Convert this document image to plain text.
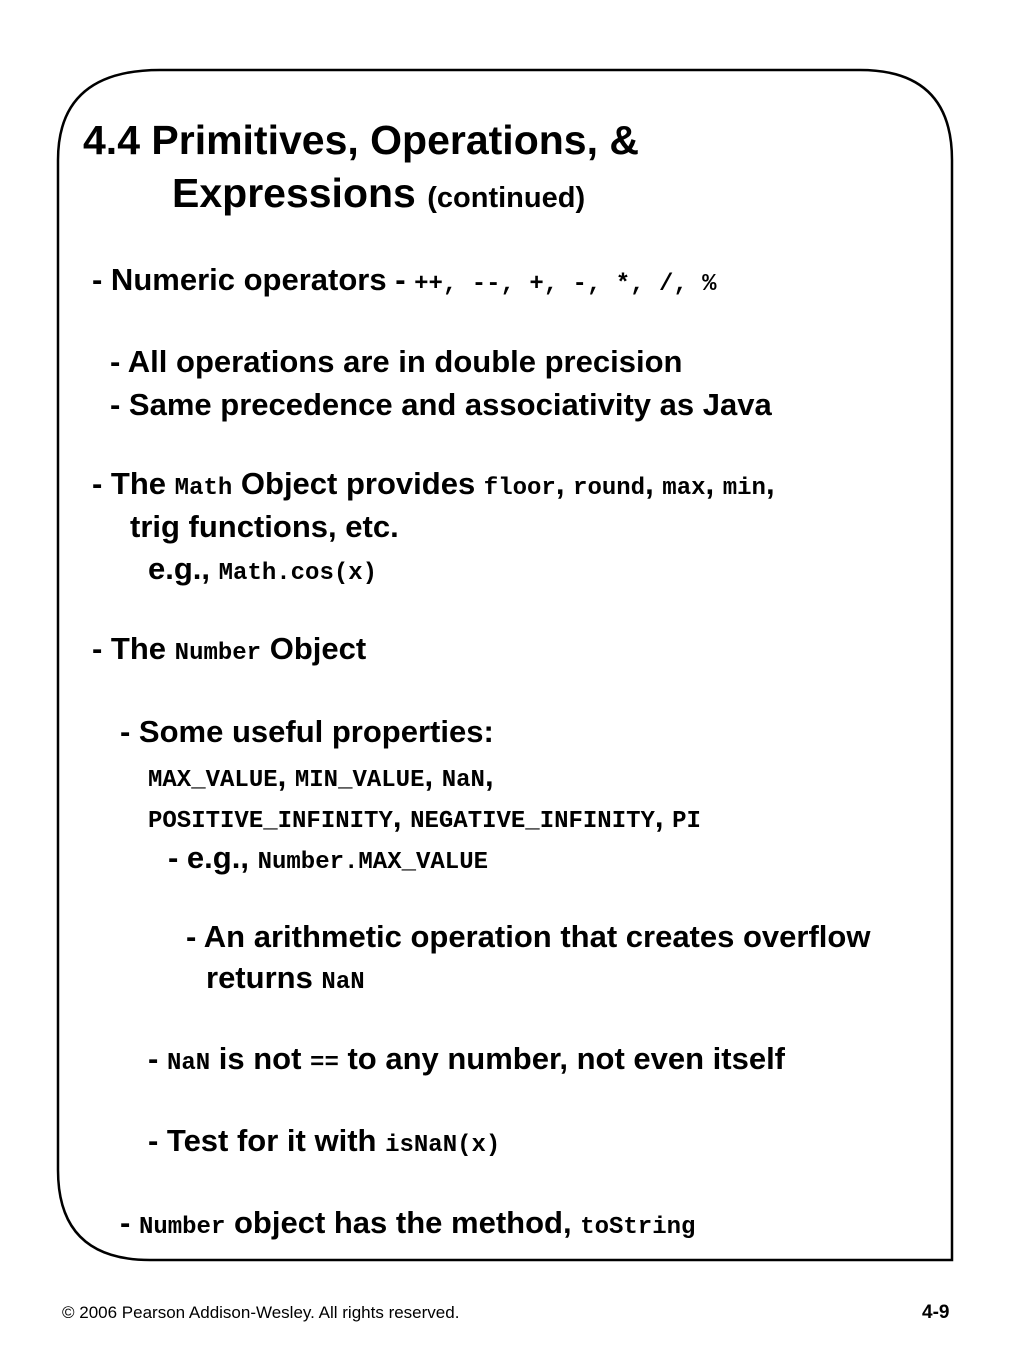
4.4 Primitives, Operations, &
Expressions (continued)
- Numeric operators - ++, --, +, -, *, /, %
- All operations are in double precision
- Same precedence and associativity as Java
- The Math Object provides floor, round, max, min,
trig functions, etc.
e.g., Math.cos(x)
- The Number Object
- Some useful properties:
MAX_VALUE, MIN_VALUE, NaN,
POSITIVE_INFINITY, NEGATIVE_INFINITY, PI
- e.g., Number.MAX_VALUE
- An arithmetic operation that creates overflow
returns NaN
- NaN is not == to any number, not even itself
- Test for it with isNaN(x)
- Number object has the method, toString
© 2006 Pearson Addison-Wesley. All rights reserved.	4-9
